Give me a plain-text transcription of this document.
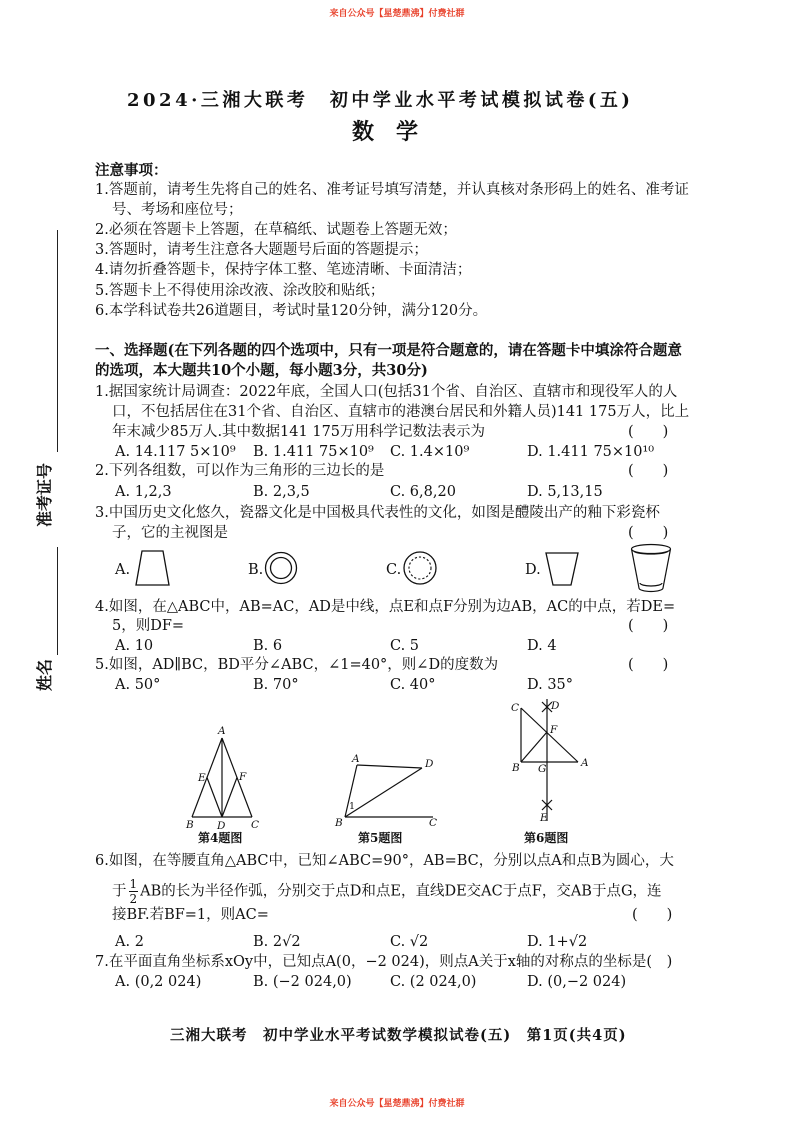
来自公众号【星楚鼎沸】付费社群
2024·三湘大联考　初中学业水平考试模拟试卷(五)
数　学
准考证号
姓名
注意事项：
1.答题前，请考生先将自己的姓名、准考证号填写清楚，并认真核对条形码上的姓名、准考证
号、考场和座位号；
2.必须在答题卡上答题，在草稿纸、试题卷上答题无效；
3.答题时，请考生注意各大题题号后面的答题提示；
4.请勿折叠答题卡，保持字体工整、笔迹清晰、卡面清洁；
5.答题卡上不得使用涂改液、涂改胶和贴纸；
6.本学科试卷共26道题目，考试时量120分钟，满分120分。
一、选择题(在下列各题的四个选项中，只有一项是符合题意的，请在答题卡中填涂符合题意
的选项，本大题共10个小题，每小题3分，共30分)
1.据国家统计局调查：2022年底，全国人口(包括31个省、自治区、直辖市和现役军人的人
口，不包括居住在31个省、自治区、直辖市的港澳台居民和外籍人员)141 175万人，比上
年末减少85万人.其中数据141 175万用科学记数法表示为	(　　)
A. 14.117 5×10⁹ B. 1.411 75×10⁹ C. 1.4×10⁹	D. 1.411 75×10¹⁰
2.下列各组数，可以作为三角形的三边长的是	(　　)
A. 1,2,3	B. 2,3,5	C. 6,8,20	D. 5,13,15
3.中国历史文化悠久，瓷器文化是中国极具代表性的文化，如图是醴陵出产的釉下彩瓷杯
子，它的主视图是	(　　)
A.	B.	C.	D.
4.如图，在△ABC中，AB=AC，AD是中线，点E和点F分别为边AB，AC的中点，若DE=
5，则DF=	(　　)
A. 10	B. 6	C. 5	D. 4
5.如图，AD∥BC，BD平分∠ABC，∠1=40°，则∠D的度数为	(　　)
A. 50°	B. 70°	C. 40°	D. 35°
第4题图	第5题图	第6题图
6.如图，在等腰直角△ABC中，已知∠ABC=90°，AB=BC，分别以点A和点B为圆心，大
于 $\frac{1}{2}$ AB的长为半径作弧，分别交于点D和点E，直线DE交AC于点F，交AB于点G，连
接BF.若BF=1，则AC=	(　　)
A. 2	B. 2√2	C. √2	D. 1+√2
7.在平面直角坐标系xOy中，已知点A(0，−2 024)，则点A关于x轴的对称点的坐标是(　)
A. (0,2 024)	B. (−2 024,0)	C. (2 024,0)	D. (0,−2 024)
三湘大联考　初中学业水平考试数学模拟试卷(五)　第1页(共4页)
来自公众号【星楚鼎沸】付费社群
A
E	F
B D C
A	D
1
B	C
C	D
F
B G	A
E
